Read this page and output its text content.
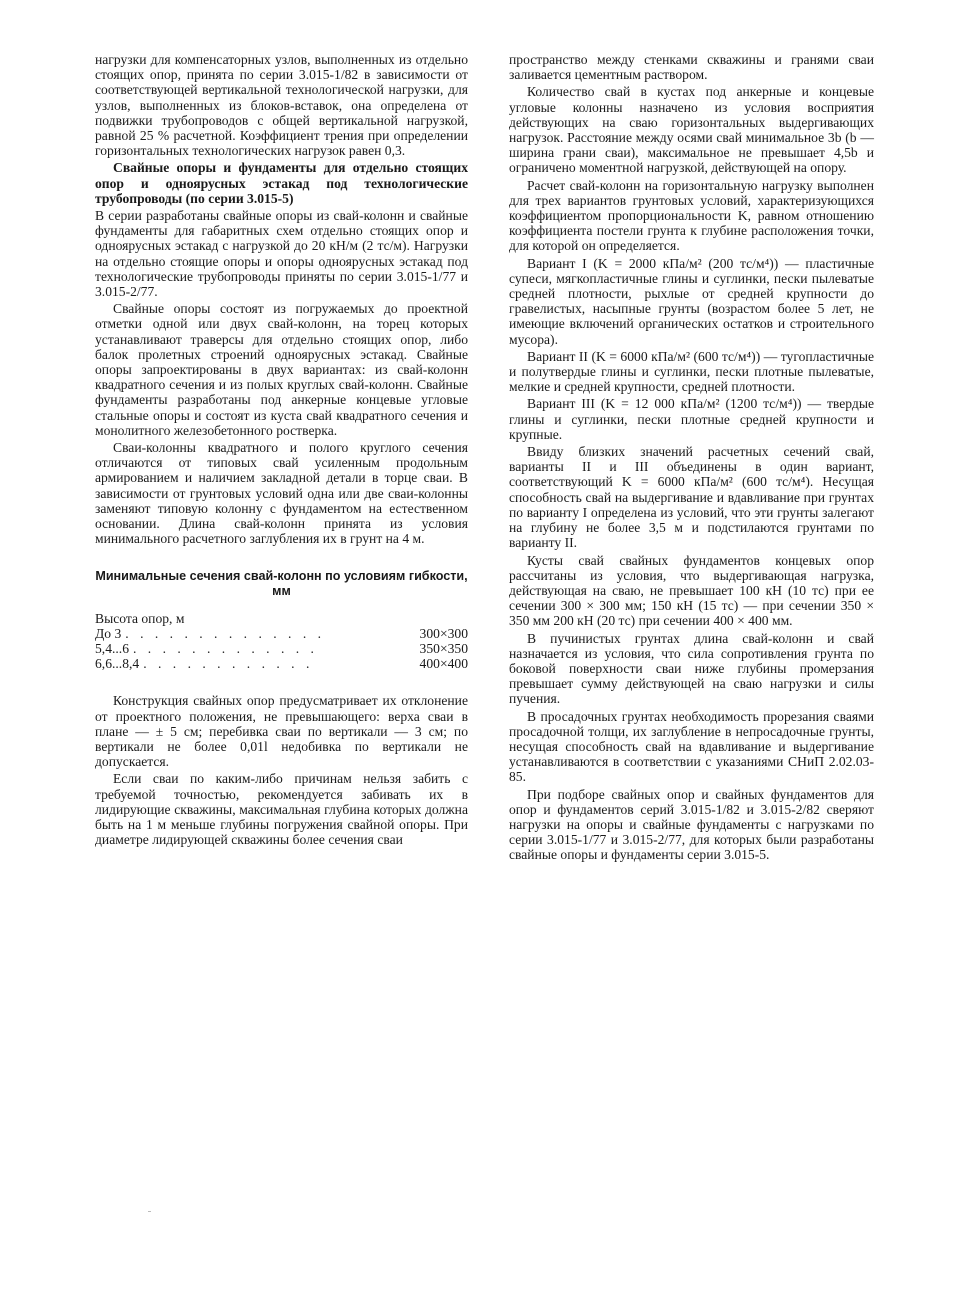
нагрузки для компенсаторных узлов, выполненных из отдельно стоящих опор, принята по серии 3.015-1/82 в зависимости от соответствующей вертикальной технологической нагрузки, для узлов, выполненных из блоков-вставок, она определена от подвижки трубопроводов с общей вертикальной нагрузкой, равной 25 % расчетной. Коэффициент трения при определении горизонтальных технологических нагрузок равен 0,3.

Свайные опоры и фундаменты для отдельно стоящих опор и одноярусных эстакад под технологические трубопроводы (по серии 3.015-5)

В серии разработаны свайные опоры из свай-колонн и свайные фундаменты для габаритных схем отдельно стоящих опор и одноярусных эстакад с нагрузкой до 20 кН/м (2 тс/м). Нагрузки на отдельно стоящие опоры и опоры одноярусных эстакад под технологические трубопроводы приняты по серии 3.015-1/77 и 3.015-2/77.

Свайные опоры состоят из погружаемых до проектной отметки одной или двух свай-колонн, на торец которых устанавливают траверсы для отдельно стоящих опор, либо балок пролетных строений одноярусных эстакад. Свайные опоры запроектированы в двух вариантах: из свай-колонн квадратного сечения и из полых круглых свай-колонн. Свайные фундаменты разработаны под анкерные концевые угловые стальные опоры и состоят из куста свай квадратного сечения и монолитного железобетонного ростверка.

Сваи-колонны квадратного и полого круглого сечения отличаются от типовых свай усиленным продольным армированием и наличием закладной детали в торце сваи. В зависимости от грунтовых условий одна или две сваи-колонны заменяют типовую колонну с фундаментом на естественном основании. Длина свай-колонн принята из условия минимального расчетного заглубления их в грунт на 4 м.

Минимальные сечения свай-колонн по условиям гибкости, мм
Высота опор, м
До 3 . . . . . . . . . . . . . .	300×300
5,4...6 . . . . . . . . . . . . .	350×350
6,6...8,4 . . . . . . . . . . . .	400×400

Конструкция свайных опор предусматривает их отклонение от проектного положения, не превышающего: верха сваи в плане — ± 5 см; перебивка сваи по вертикали — 3 см; по вертикали не более 0,01l недобивка по вертикали не допускается.

Если сваи по каким-либо причинам нельзя забить с требуемой точностью, рекомендуется забивать их в лидирующие скважины, максимальная глубина которых должна быть на 1 м меньше глубины погружения свайной опоры. При диаметре лидирующей скважины более сечения сваи

пространство между стенками скважины и гранями сваи заливается цементным раствором.

Количество свай в кустах под анкерные и концевые угловые колонны назначено из условия восприятия действующих на сваю горизонтальных выдергивающих нагрузок. Расстояние между осями свай минимальное 3b (b — ширина грани сваи), максимальное не превышает 4,5b и ограничено моментной нагрузкой, действующей на опору.

Расчет свай-колонн на горизонтальную нагрузку выполнен для трех вариантов грунтовых условий, характеризующихся коэффициентом пропорциональности K, равном отношению коэффициента постели грунта к глубине расположения точки, для которой он определяется.

Вариант I (K = 2000 кПа/м² (200 тс/м⁴)) — пластичные супеси, мягкопластичные глины и суглинки, пески пылеватые средней плотности, рыхлые от средней крупности до гравелистых, насыпные грунты (возрастом более 5 лет, не имеющие включений органических остатков и строительного мусора).

Вариант II (K = 6000 кПа/м² (600 тс/м⁴)) — тугопластичные и полутвердые глины и суглинки, пески плотные пылеватые, мелкие и средней крупности, средней плотности.

Вариант III (K = 12 000 кПа/м² (1200 тс/м⁴)) — твердые глины и суглинки, пески плотные средней крупности и крупные.

Ввиду близких значений расчетных сечений свай, варианты II и III объединены в один вариант, соответствующий K = 6000 кПа/м² (600 тс/м⁴). Несущая способность свай на выдергивание и вдавливание при грунтах по варианту I определена из условий, что эти грунты залегают на глубину не более 3,5 м и подстилаются грунтами по варианту II.

Кусты свай свайных фундаментов концевых опор рассчитаны из условия, что выдергивающая нагрузка, действующая на сваю, не превышает 100 кН (10 тс) при ее сечении 300 × 300 мм; 150 кН (15 тс) — при сечении 350 × 350 мм 200 кН (20 тс) при сечении 400 × 400 мм.

В пучинистых грунтах длина свай-колонн и свай назначается из условия, что сила сопротивления грунта по боковой поверхности сваи ниже глубины промерзания превышает сумму действующей на сваю нагрузки и силы пучения.

В просадочных грунтах необходимость прорезания сваями просадочной толщи, их заглубление в непросадочные грунты, несущая способность свай на вдавливание и выдергивание устанавливаются в соответствии с указаниями СНиП 2.02.03-85.

При подборе свайных опор и свайных фундаментов для опор и фундаментов серий 3.015-1/82 и 3.015-2/82 сверяют нагрузки на опоры и свайные фундаменты с нагрузками по серии 3.015-1/77 и 3.015-2/77, для которых были разработаны свайные опоры и фундаменты серии 3.015-5.
